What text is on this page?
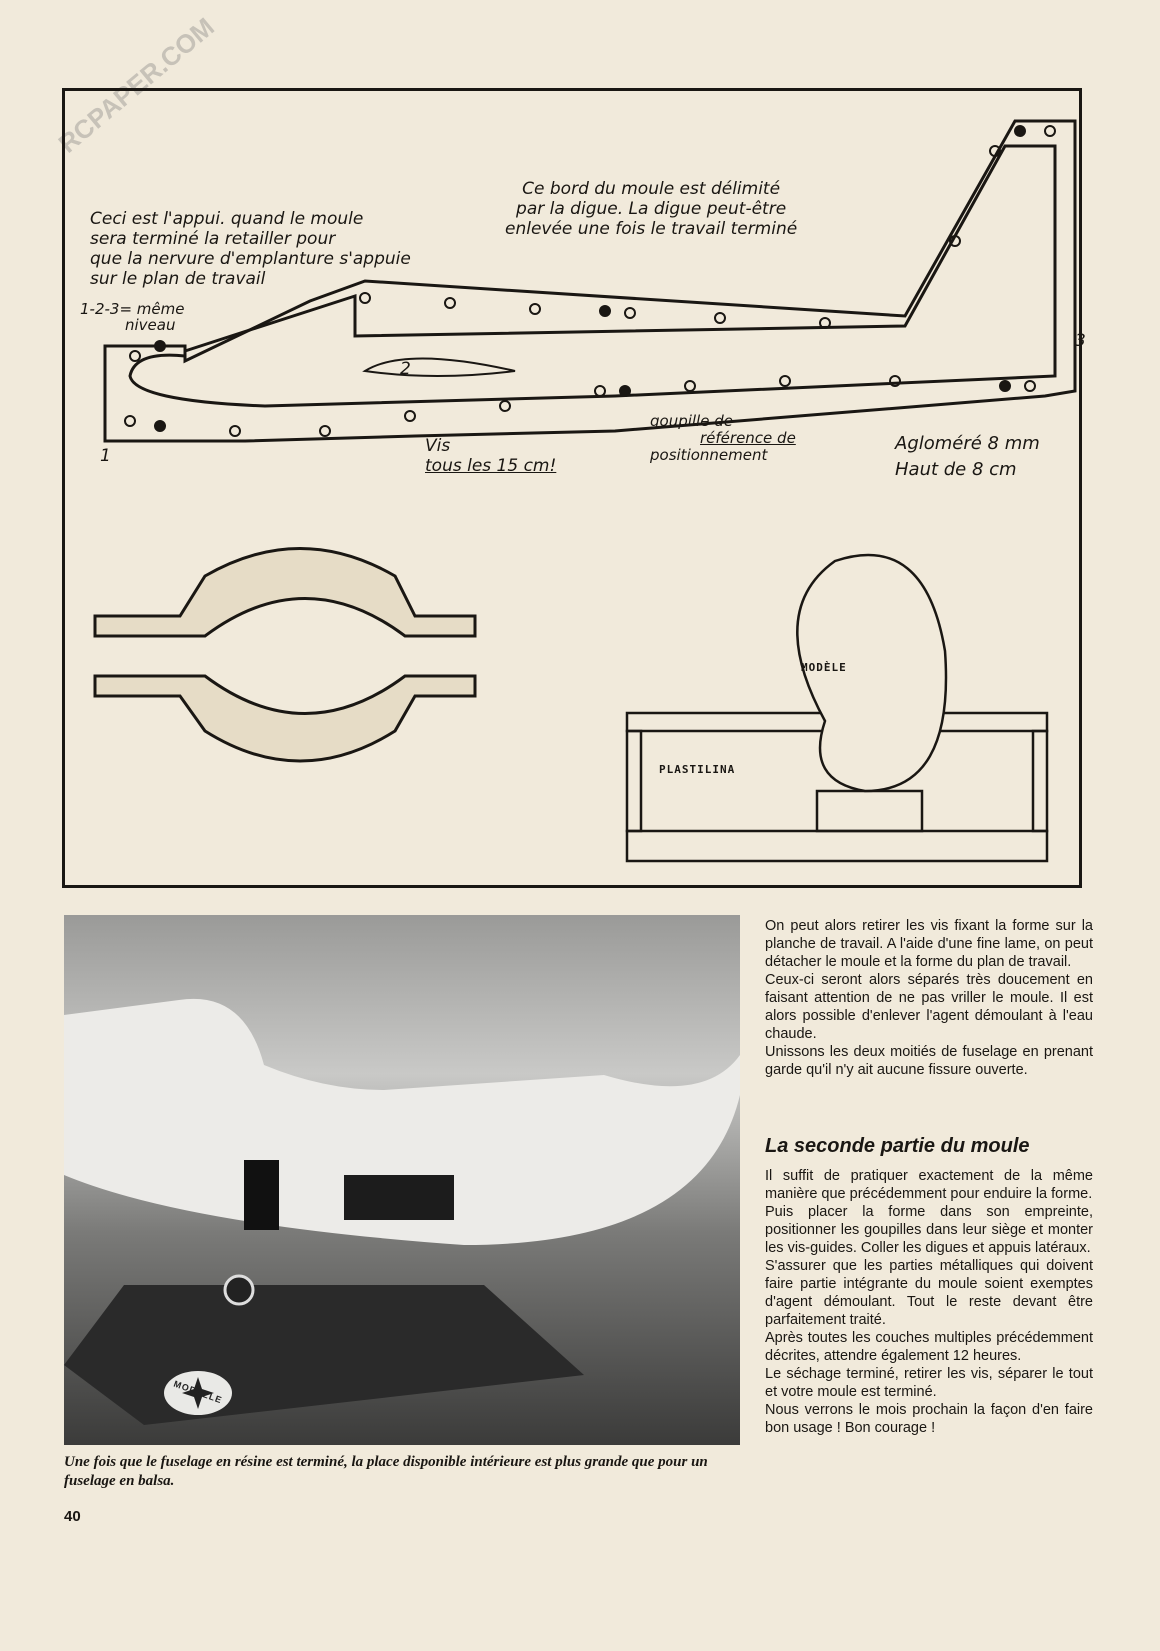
RCPAPER.COM
Ceci est l'appui. quand le moule
sera terminé la retailler pour
que la nervure d'emplanture s'appuie
sur le plan de travail
1-2-3= même
niveau
Ce bord du moule est délimité
par la digue. La digue peut-être
enlevée une fois le travail terminé
1
2
3
Vis
tous les 15 cm!
goupille de
référence de
positionnement
Agloméré 8 mm
Haut de 8 cm
MODÈLE
PLASTILINA
MODELLE
Une fois que le fuselage en résine est terminé, la place disponible intérieure est plus grande que pour un fuselage en balsa.
40

On peut alors retirer les vis fixant la forme sur la planche de travail. A l'aide d'une fine lame, on peut détacher le moule et la forme du plan de travail.

Ceux-ci seront alors séparés très doucement en faisant attention de ne pas vriller le moule. Il est alors possible d'enlever l'agent démoulant à l'eau chaude.

Unissons les deux moitiés de fuselage en prenant garde qu'il n'y ait aucune fissure ouverte.

La seconde partie du moule

Il suffit de pratiquer exactement de la même manière que précédemment pour enduire la forme.

Puis placer la forme dans son empreinte, positionner les goupilles dans leur siège et monter les vis-guides. Coller les digues et appuis latéraux.

S'assurer que les parties métalliques qui doivent faire partie intégrante du moule soient exemptes d'agent démoulant. Tout le reste devant être parfaitement traité.

Après toutes les couches multiples précédemment décrites, attendre également 12 heures.

Le séchage terminé, retirer les vis, séparer le tout et votre moule est terminé.

Nous verrons le mois prochain la façon d'en faire bon usage ! Bon courage !
